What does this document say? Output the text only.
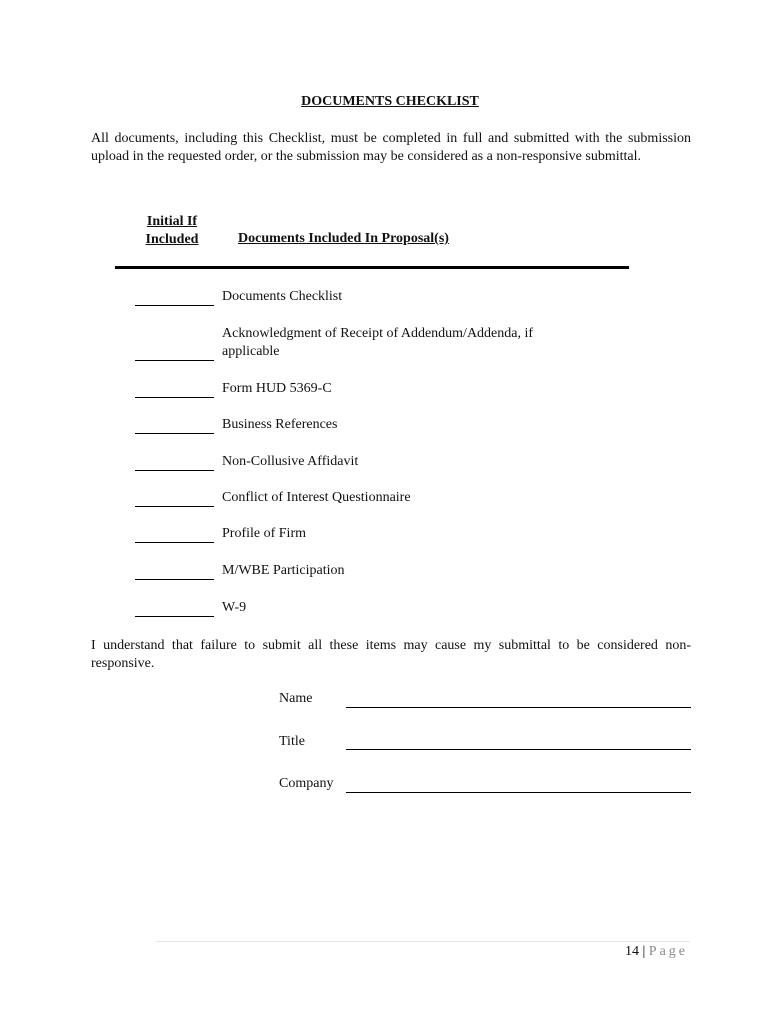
DOCUMENTS CHECKLIST
All documents, including this Checklist, must be completed in full and submitted with the submission upload in the requested order, or the submission may be considered as a non-responsive submittal.
Initial If
Included	Documents Included In Proposal(s)
Documents Checklist
Acknowledgment of Receipt of Addendum/Addenda, if
applicable
Form HUD 5369-C
Business References
Non-Collusive Affidavit
Conflict of Interest Questionnaire
Profile of Firm
M/WBE Participation
W-9
I understand that failure to submit all these items may cause my submittal to be considered non-responsive.
Name
Title
Company
14 | Page
